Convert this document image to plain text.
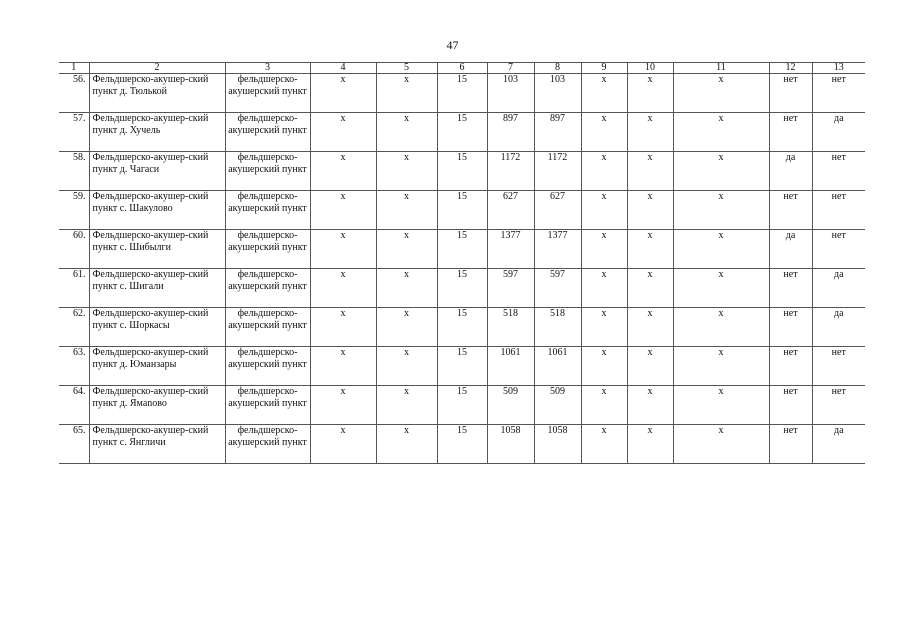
47
1	2	3	4	5	6	7	8	9	10	11	12	13
56.	Фельдшерско-акушер-ский пункт д. Тюлькой	фельдшерско-акушерский пункт	х	х	15	103	103	х	х	х	нет	нет
57.	Фельдшерско-акушер-ский пункт д. Хучель	фельдшерско-акушерский пункт	х	х	15	897	897	х	х	х	нет	да
58.	Фельдшерско-акушер-ский пункт д. Чагаси	фельдшерско-акушерский пункт	х	х	15	1172	1172	х	х	х	да	нет
59.	Фельдшерско-акушер-ский пункт с. Шакулово	фельдшерско-акушерский пункт	х	х	15	627	627	х	х	х	нет	нет
60.	Фельдшерско-акушер-ский пункт с. Шибылги	фельдшерско-акушерский пункт	х	х	15	1377	1377	х	х	х	да	нет
61.	Фельдшерско-акушер-ский пункт с. Шигали	фельдшерско-акушерский пункт	х	х	15	597	597	х	х	х	нет	да
62.	Фельдшерско-акушер-ский пункт с. Шоркасы	фельдшерско-акушерский пункт	х	х	15	518	518	х	х	х	нет	да
63.	Фельдшерско-акушер-ский пункт д. Юманзары	фельдшерско-акушерский пункт	х	х	15	1061	1061	х	х	х	нет	нет
64.	Фельдшерско-акушер-ский пункт д. Ямаnово	фельдшерско-акушерский пункт	х	х	15	509	509	х	х	х	нет	нет
65.	Фельдшерско-акушер-ский пункт с. Янгличи	фельдшерско-акушерский пункт	х	х	15	1058	1058	х	х	х	нет	да
